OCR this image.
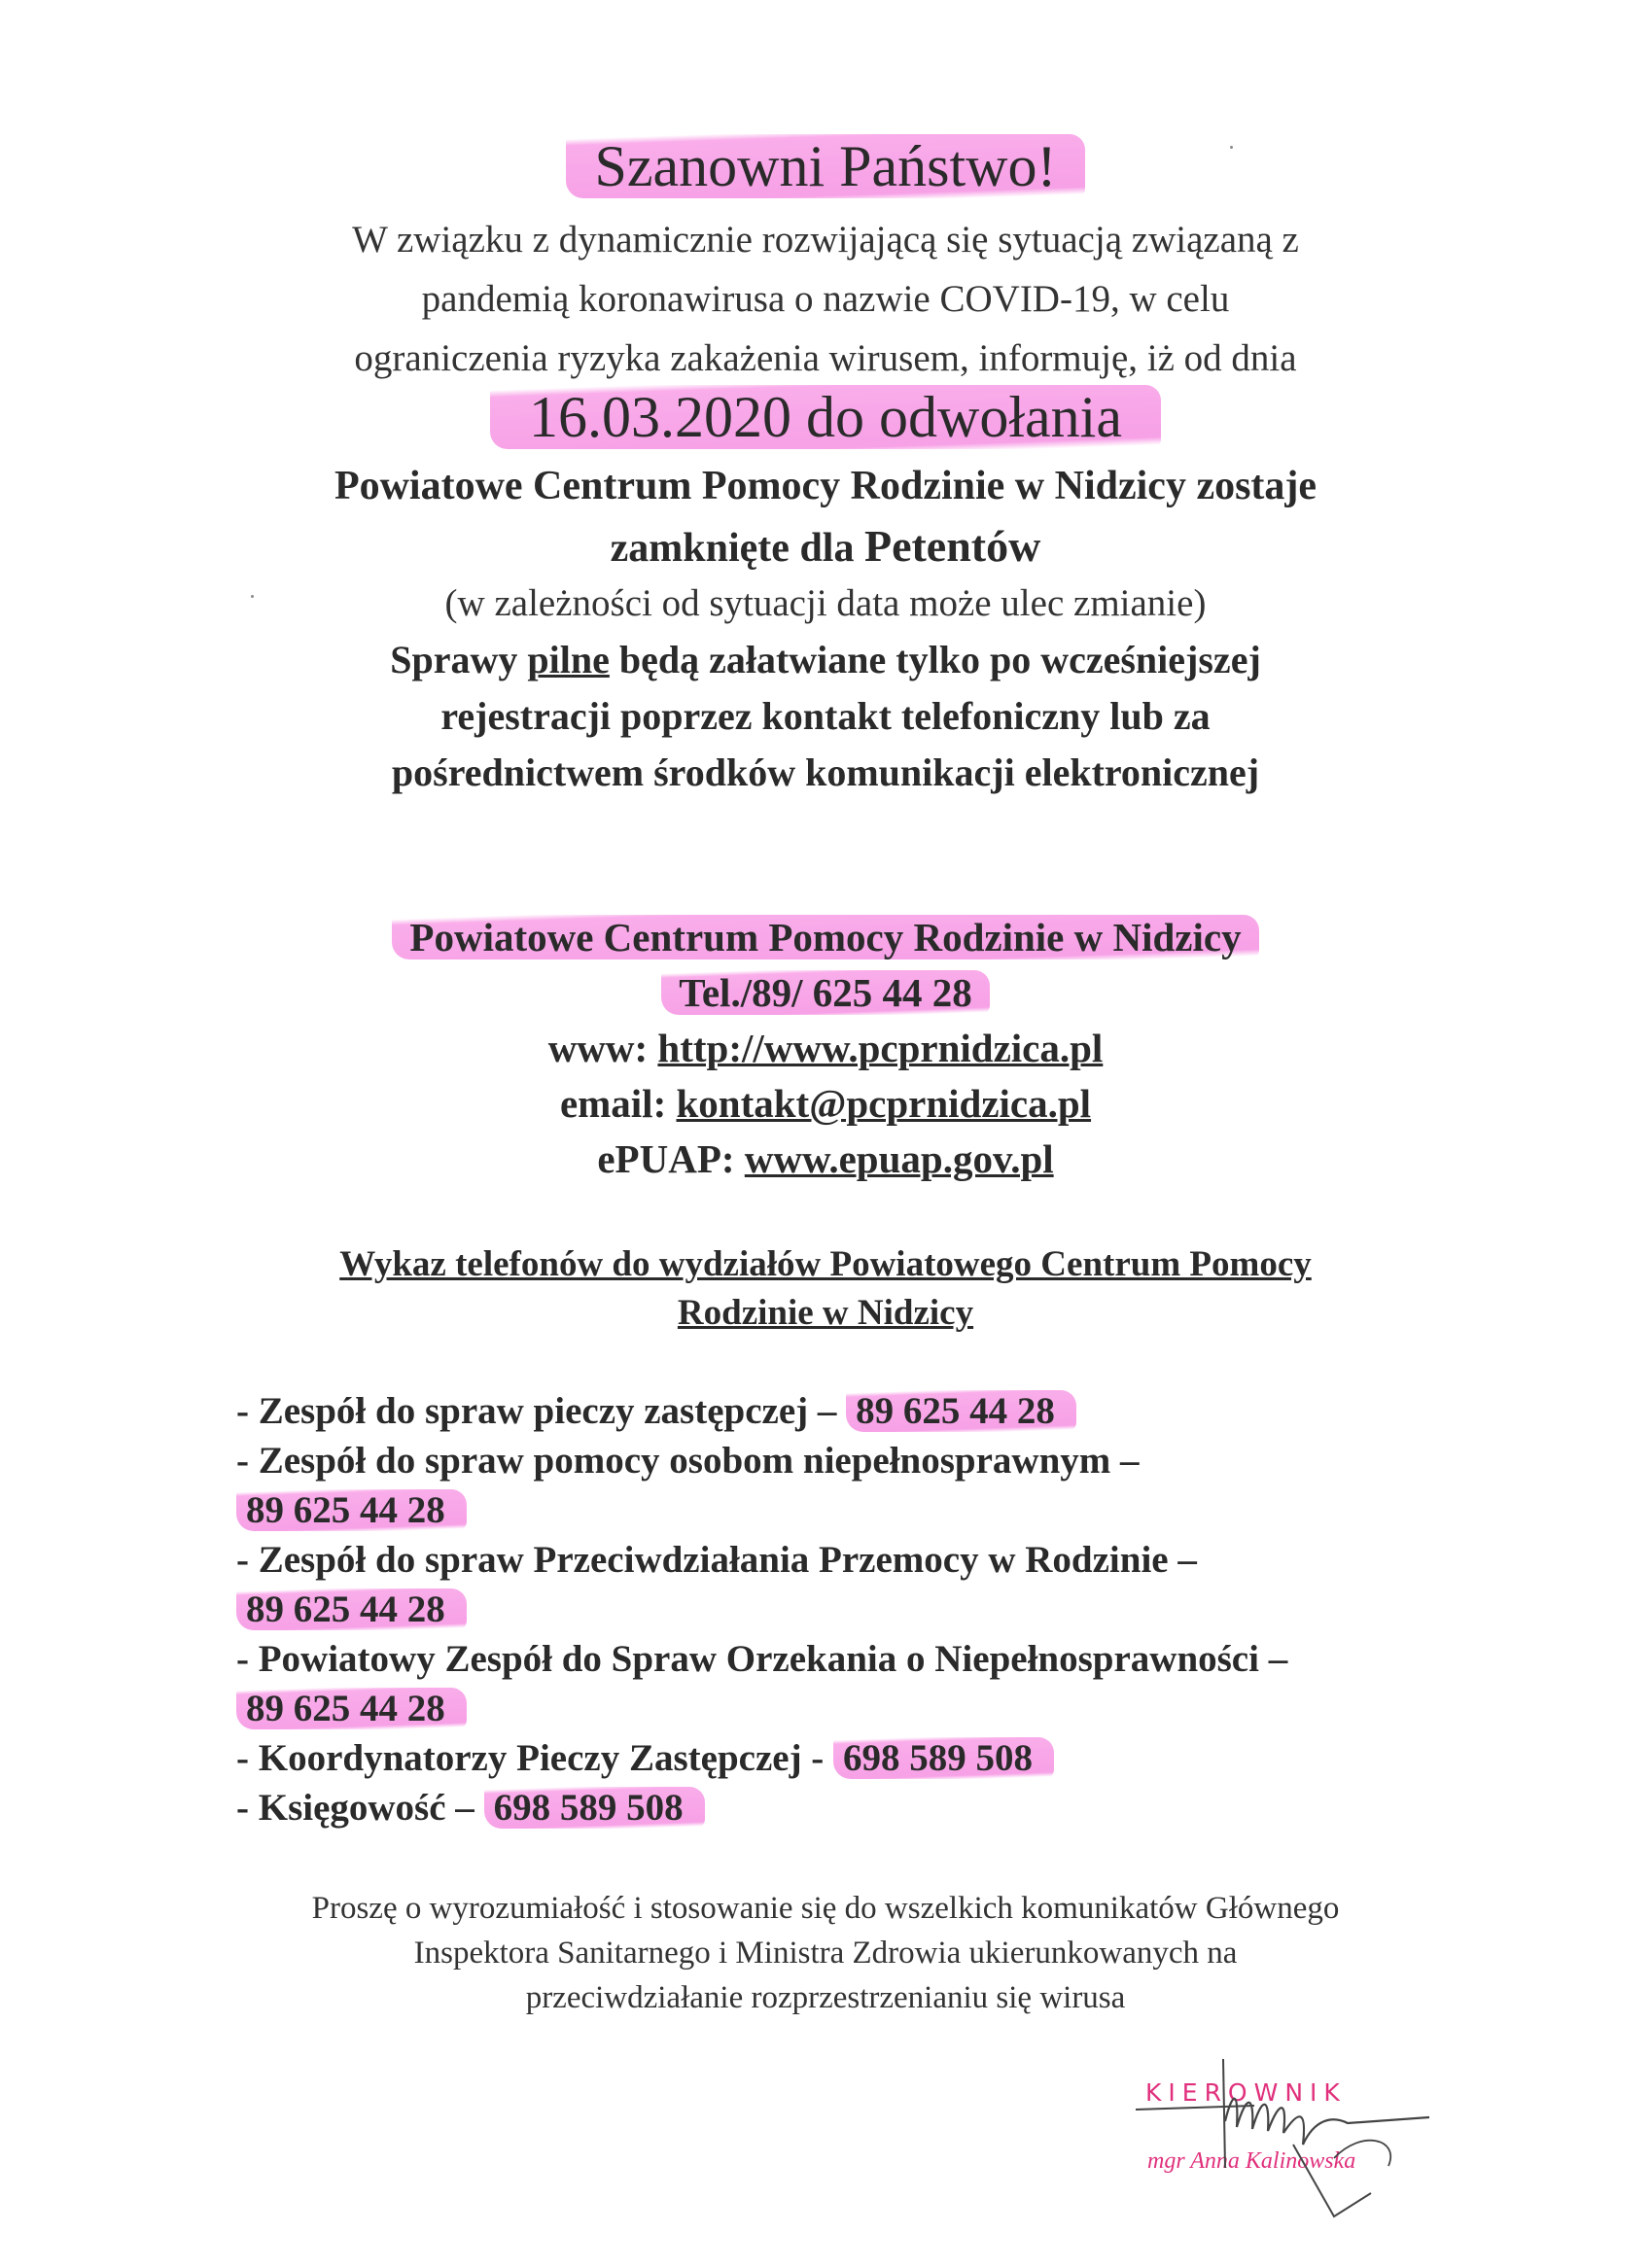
Szanowni Państwo!
W związku z dynamicznie rozwijającą się sytuacją związaną z
pandemią koronawirusa o nazwie COVID-19, w celu
ograniczenia ryzyka zakażenia wirusem, informuję, iż od dnia
16.03.2020 do odwołania
Powiatowe Centrum Pomocy Rodzinie w Nidzicy zostaje
zamknięte dla Petentów
(w zależności od sytuacji data może ulec zmianie)
Sprawy pilne będą załatwiane tylko po wcześniejszej
rejestracji poprzez kontakt telefoniczny lub za
pośrednictwem środków komunikacji elektronicznej
Powiatowe Centrum Pomocy Rodzinie w Nidzicy
Tel./89/ 625 44 28
www: http://www.pcprnidzica.pl
email: kontakt@pcprnidzica.pl
ePUAP: www.epuap.gov.pl
Wykaz telefonów do wydziałów Powiatowego Centrum Pomocy
Rodzinie w Nidzicy
- Zespół do spraw pieczy zastępczej – 89 625 44 28
- Zespół do spraw pomocy osobom niepełnosprawnym –
89 625 44 28
- Zespół do spraw Przeciwdziałania Przemocy w Rodzinie –
89 625 44 28
- Powiatowy Zespół do Spraw Orzekania o Niepełnosprawności –
89 625 44 28
- Koordynatorzy Pieczy Zastępczej - 698 589 508
- Księgowość – 698 589 508
Proszę o wyrozumiałość i stosowanie się do wszelkich komunikatów Głównego
Inspektora Sanitarnego i Ministra Zdrowia ukierunkowanych na
przeciwdziałanie rozprzestrzenianiu się wirusa
KIEROWNIK
mgr Anna Kalinowska
